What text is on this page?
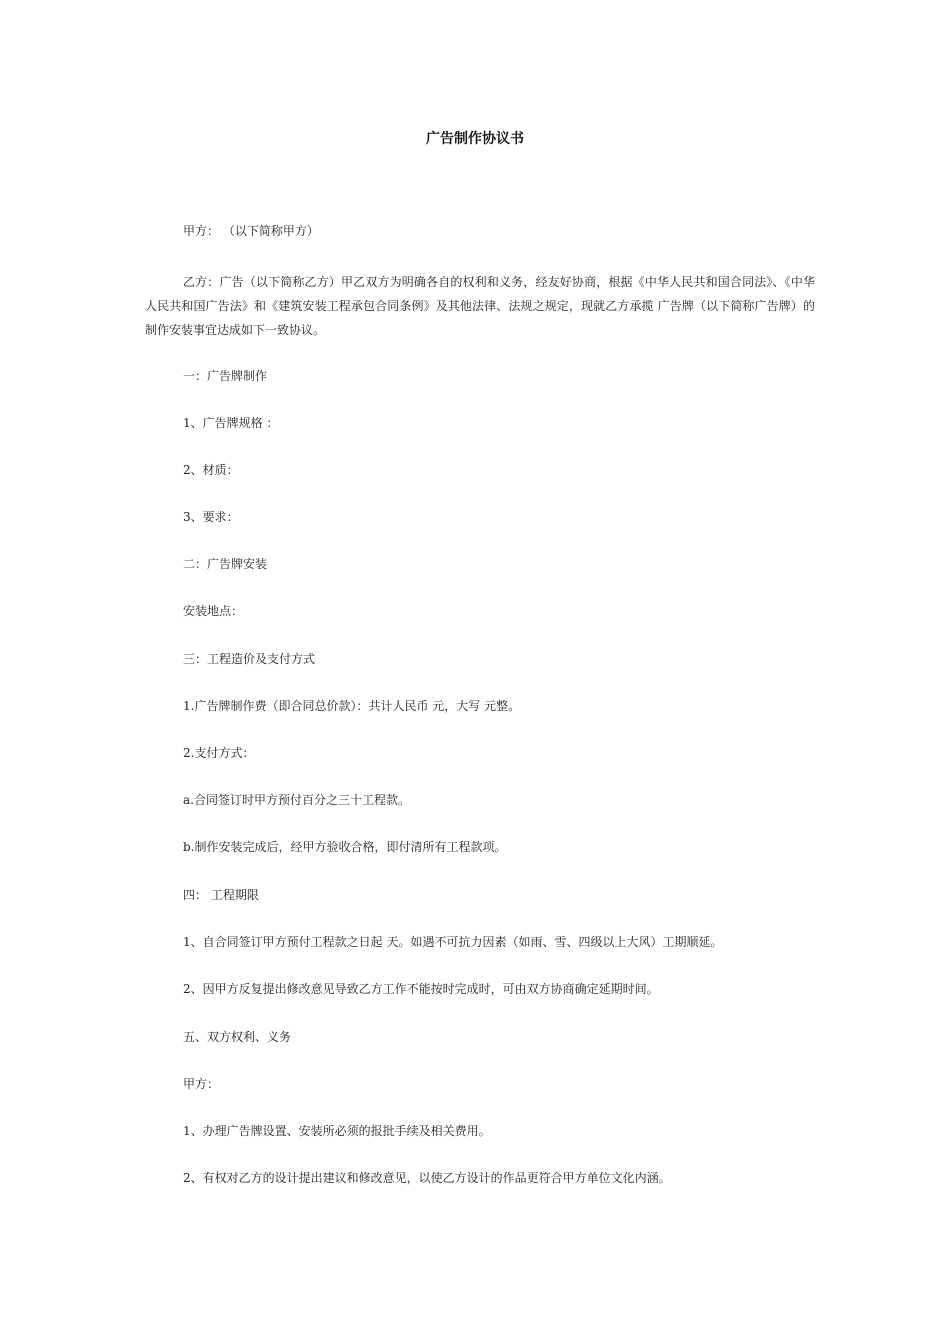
广告制作协议书
甲方： （以下简称甲方）
乙方：广告（以下简称乙方）甲乙双方为明确各自的权利和义务，经友好协商，根据《中华人民共和国合同法》、《中华人民共和国广告法》和《建筑安装工程承包合同条例》及其他法律、法规之规定，现就乙方承揽 广告牌（以下简称广告牌）的制作安装事宜达成如下一致协议。
一：广告牌制作
1、广告牌规格 ：
2、材质：
3、要求：
二：广告牌安装
安装地点：
三：工程造价及支付方式
1.广告牌制作费（即合同总价款）：共计人民币 元，大写 元整。
2.支付方式：
a.合同签订时甲方预付百分之三十工程款。
b.制作安装完成后，经甲方验收合格，即付清所有工程款项。
四： 工程期限
1、自合同签订甲方预付工程款之日起 天。如遇不可抗力因素（如雨、雪、四级以上大风）工期顺延。
2、因甲方反复提出修改意见导致乙方工作不能按时完成时，可由双方协商确定延期时间。
五、双方权利、义务
甲方：
1、办理广告牌设置、安装所必须的报批手续及相关费用。
2、有权对乙方的设计提出建议和修改意见，以使乙方设计的作品更符合甲方单位文化内涵。
